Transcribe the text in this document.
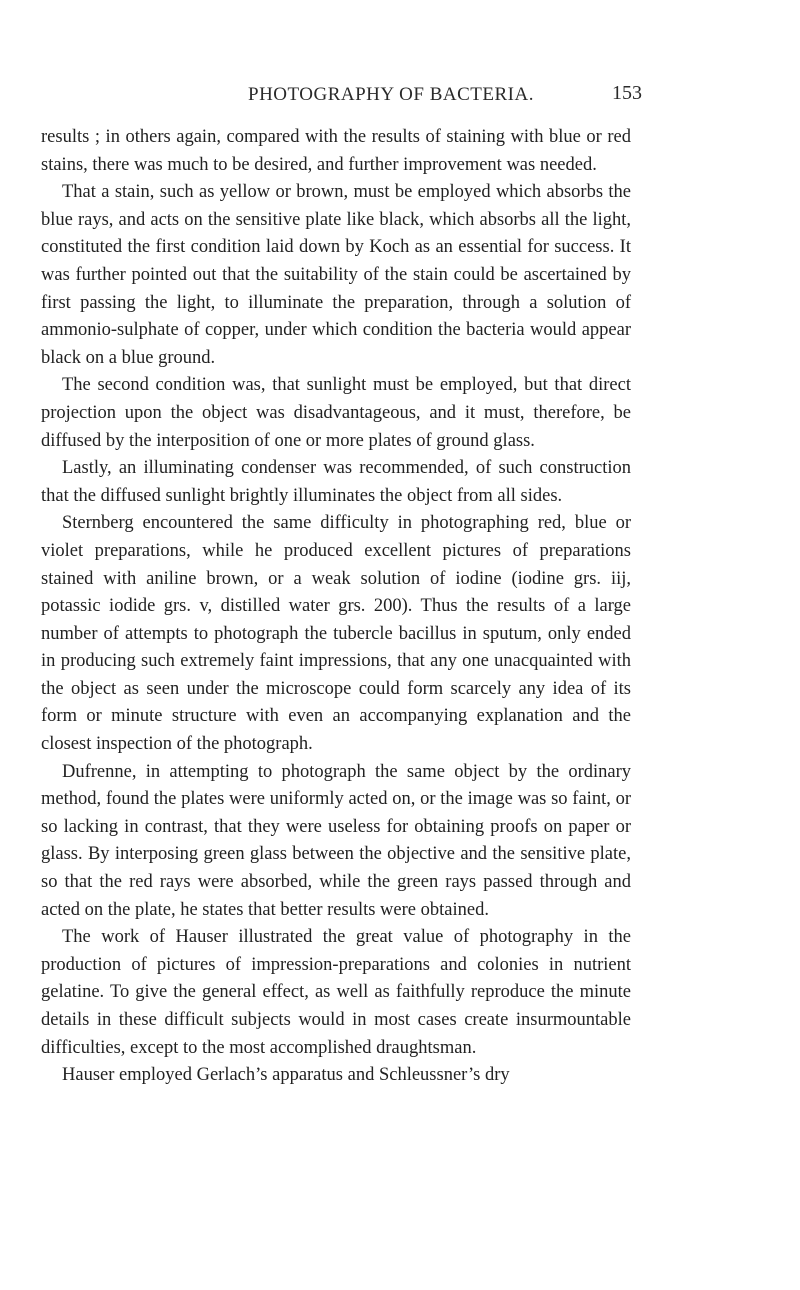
PHOTOGRAPHY OF BACTERIA.	153

results ; in others again, compared with the results of staining with blue or red stains, there was much to be desired, and further improvement was needed.

That a stain, such as yellow or brown, must be employed which absorbs the blue rays, and acts on the sensitive plate like black, which absorbs all the light, constituted the first condition laid down by Koch as an essential for success. It was further pointed out that the suitability of the stain could be ascertained by first passing the light, to illuminate the preparation, through a solution of ammonio-sulphate of copper, under which condition the bacteria would appear black on a blue ground.

The second condition was, that sunlight must be employed, but that direct projection upon the object was disadvantageous, and it must, therefore, be diffused by the interposition of one or more plates of ground glass.

Lastly, an illuminating condenser was recommended, of such construction that the diffused sunlight brightly illuminates the object from all sides.

Sternberg encountered the same difficulty in photographing red, blue or violet preparations, while he produced excellent pictures of preparations stained with aniline brown, or a weak solution of iodine (iodine grs. iij, potassic iodide grs. v, distilled water grs. 200). Thus the results of a large number of attempts to photograph the tubercle bacillus in sputum, only ended in producing such extremely faint impressions, that any one unacquainted with the object as seen under the microscope could form scarcely any idea of its form or minute structure with even an accompanying explanation and the closest inspection of the photograph.

Dufrenne, in attempting to photograph the same object by the ordinary method, found the plates were uniformly acted on, or the image was so faint, or so lacking in contrast, that they were useless for obtaining proofs on paper or glass. By interposing green glass between the objective and the sensitive plate, so that the red rays were absorbed, while the green rays passed through and acted on the plate, he states that better results were obtained.

The work of Hauser illustrated the great value of photography in the production of pictures of impression-preparations and colonies in nutrient gelatine. To give the general effect, as well as faithfully reproduce the minute details in these difficult subjects would in most cases create insurmountable difficulties, except to the most accomplished draughtsman.

Hauser employed Gerlach’s apparatus and Schleussner’s dry
